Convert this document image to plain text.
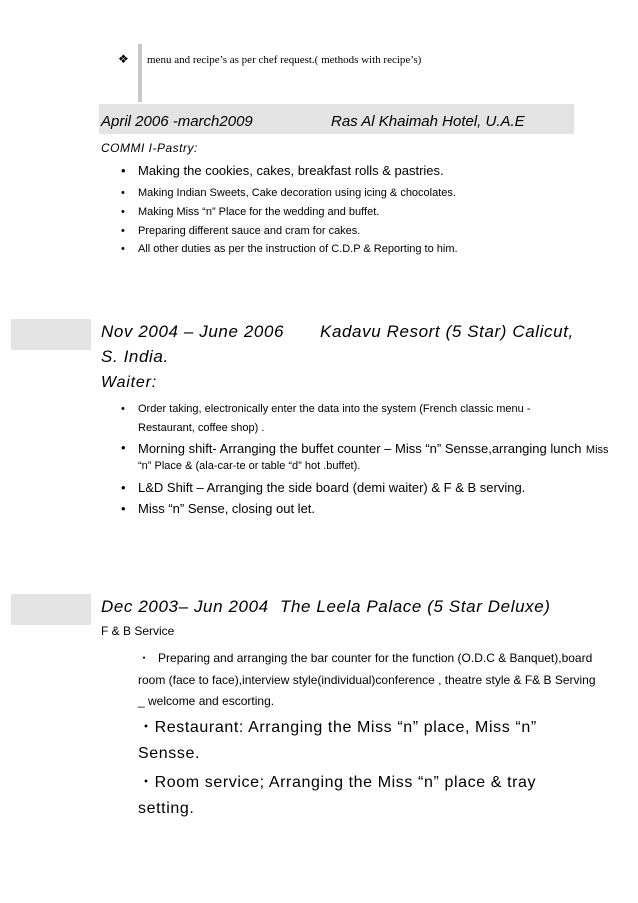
❖ menu and recipe’s as per chef request.( methods with recipe’s)
April 2006 -march2009	Ras Al Khaimah Hotel, U.A.E
COMMI I-Pastry:
• Making the cookies, cakes, breakfast rolls & pastries.
• Making Indian Sweets, Cake decoration using icing & chocolates.
• Making Miss “n” Place for the wedding and buffet.
• Preparing different sauce and cram for cakes.
• All other duties as per the instruction of C.D.P & Reporting to him.
Nov 2004 – June 2006 Kadavu Resort (5 Star) Calicut,
S. India.
Waiter:
• Order taking, electronically enter the data into the system (French classic menu -
Restaurant, coffee shop) .
• Morning shift- Arranging the buffet counter – Miss “n” Sensse,arranging lunch Miss
“n” Place & (ala-car-te or table “d” hot .buffet).
• L&D Shift – Arranging the side board (demi waiter) & F & B serving.
• Miss “n” Sense, closing out let.
Dec 2003– Jun 2004 The Leela Palace (5 Star Deluxe)
F & B Service
・ Preparing and arranging the bar counter for the function (O.D.C & Banquet),board
room (face to face),interview style(individual)conference , theatre style & F& B Serving
_ welcome and escorting.
・Restaurant: Arranging the Miss “n” place, Miss “n”
Sensse.
・Room service; Arranging the Miss “n” place & tray
setting.
